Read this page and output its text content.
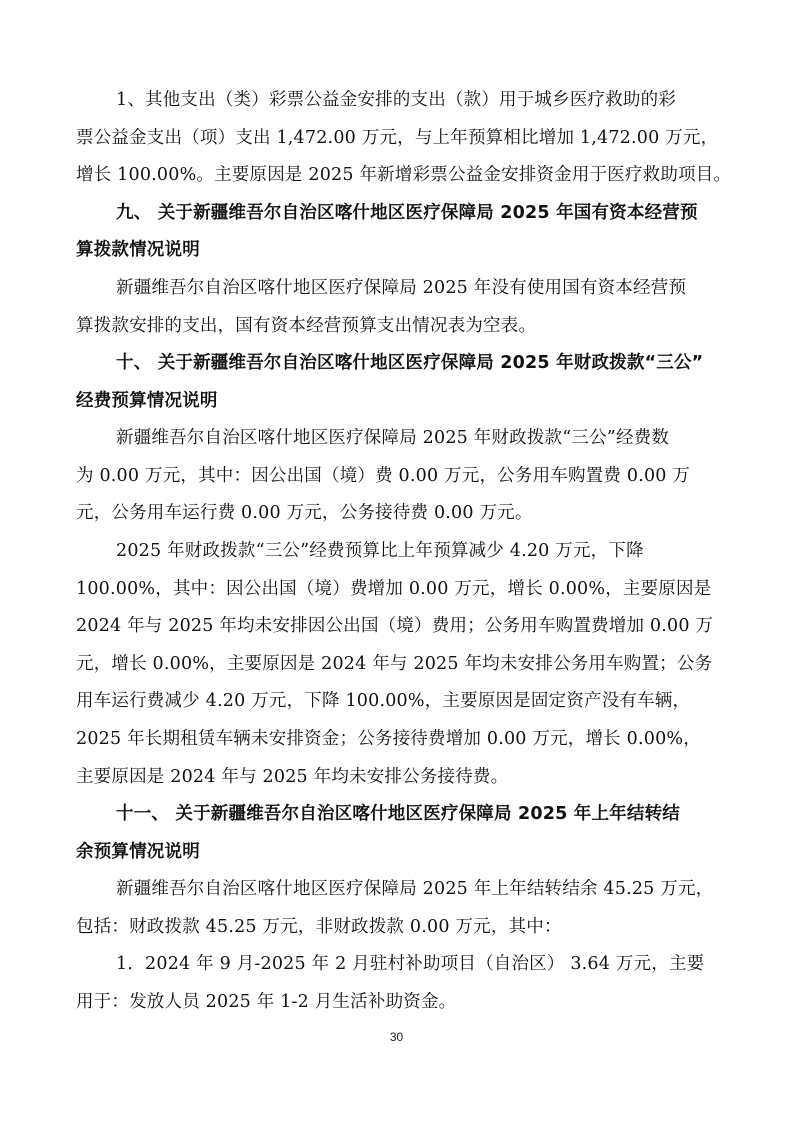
1、其他支出（类）彩票公益金安排的支出（款）用于城乡医疗救助的彩
票公益金支出（项）支出 1,472.00 万元，与上年预算相比增加 1,472.00 万元，
增长 100.00%。主要原因是 2025 年新增彩票公益金安排资金用于医疗救助项目。
九、 关于新疆维吾尔自治区喀什地区医疗保障局 2025 年国有资本经营预
算拨款情况说明
新疆维吾尔自治区喀什地区医疗保障局 2025 年没有使用国有资本经营预
算拨款安排的支出，国有资本经营预算支出情况表为空表。
十、 关于新疆维吾尔自治区喀什地区医疗保障局 2025 年财政拨款“三公”
经费预算情况说明
新疆维吾尔自治区喀什地区医疗保障局 2025 年财政拨款“三公”经费数
为 0.00 万元，其中：因公出国（境）费 0.00 万元，公务用车购置费 0.00 万
元，公务用车运行费 0.00 万元，公务接待费 0.00 万元。
2025 年财政拨款“三公”经费预算比上年预算减少 4.20 万元，下降
100.00%，其中：因公出国（境）费增加 0.00 万元，增长 0.00%，主要原因是
2024 年与 2025 年均未安排因公出国（境）费用；公务用车购置费增加 0.00 万
元，增长 0.00%，主要原因是 2024 年与 2025 年均未安排公务用车购置；公务
用车运行费减少 4.20 万元，下降 100.00%，主要原因是固定资产没有车辆，
2025 年长期租赁车辆未安排资金；公务接待费增加 0.00 万元，增长 0.00%，
主要原因是 2024 年与 2025 年均未安排公务接待费。
十一、 关于新疆维吾尔自治区喀什地区医疗保障局 2025 年上年结转结
余预算情况说明
新疆维吾尔自治区喀什地区医疗保障局 2025 年上年结转结余 45.25 万元，
包括：财政拨款 45.25 万元，非财政拨款 0.00 万元，其中：
1．2024 年 9 月-2025 年 2 月驻村补助项目（自治区） 3.64 万元，主要
用于：发放人员 2025 年 1-2 月生活补助资金。
30
